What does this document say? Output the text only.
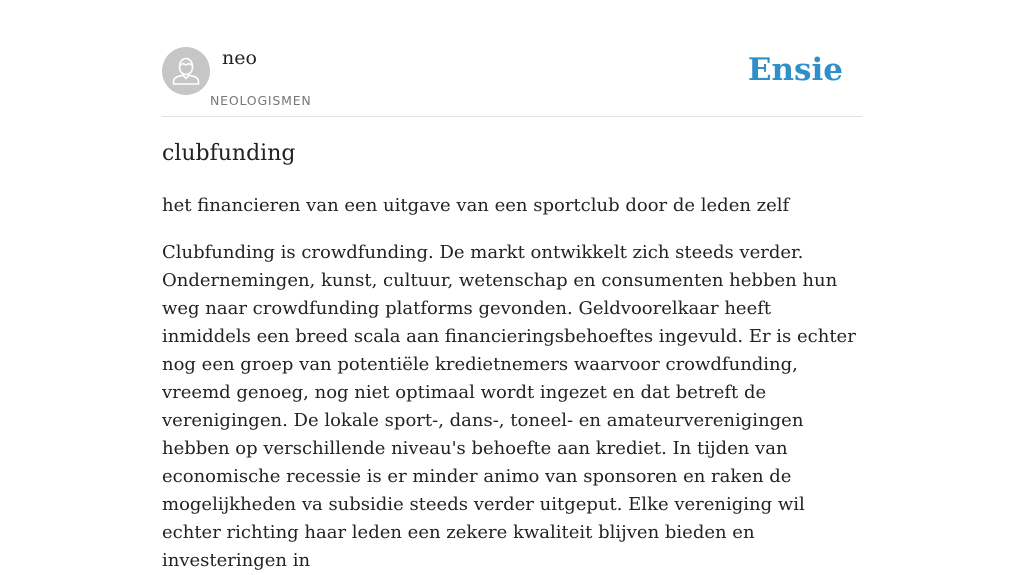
neo
NEOLOGISMEN
Ensie
clubfunding

het financieren van een uitgave van een sportclub door de leden zelf

Clubfunding is crowdfunding. De markt ontwikkelt zich steeds verder. Ondernemingen, kunst, cultuur, wetenschap en consumenten hebben hun weg naar crowdfunding platforms gevonden. Geldvoorelkaar heeft inmiddels een breed scala aan financieringsbehoeftes ingevuld. Er is echter nog een groep van potentiële kredietnemers waarvoor crowdfunding, vreemd genoeg, nog niet optimaal wordt ingezet en dat betreft de verenigingen. De lokale sport-, dans-, toneel- en amateurverenigingen hebben op verschillende niveau's behoefte aan krediet. In tijden van economische recessie is er minder animo van sponsoren en raken de mogelijkheden va subsidie steeds verder uitgeput. Elke vereniging wil echter richting haar leden een zekere kwaliteit blijven bieden en investeringen in
